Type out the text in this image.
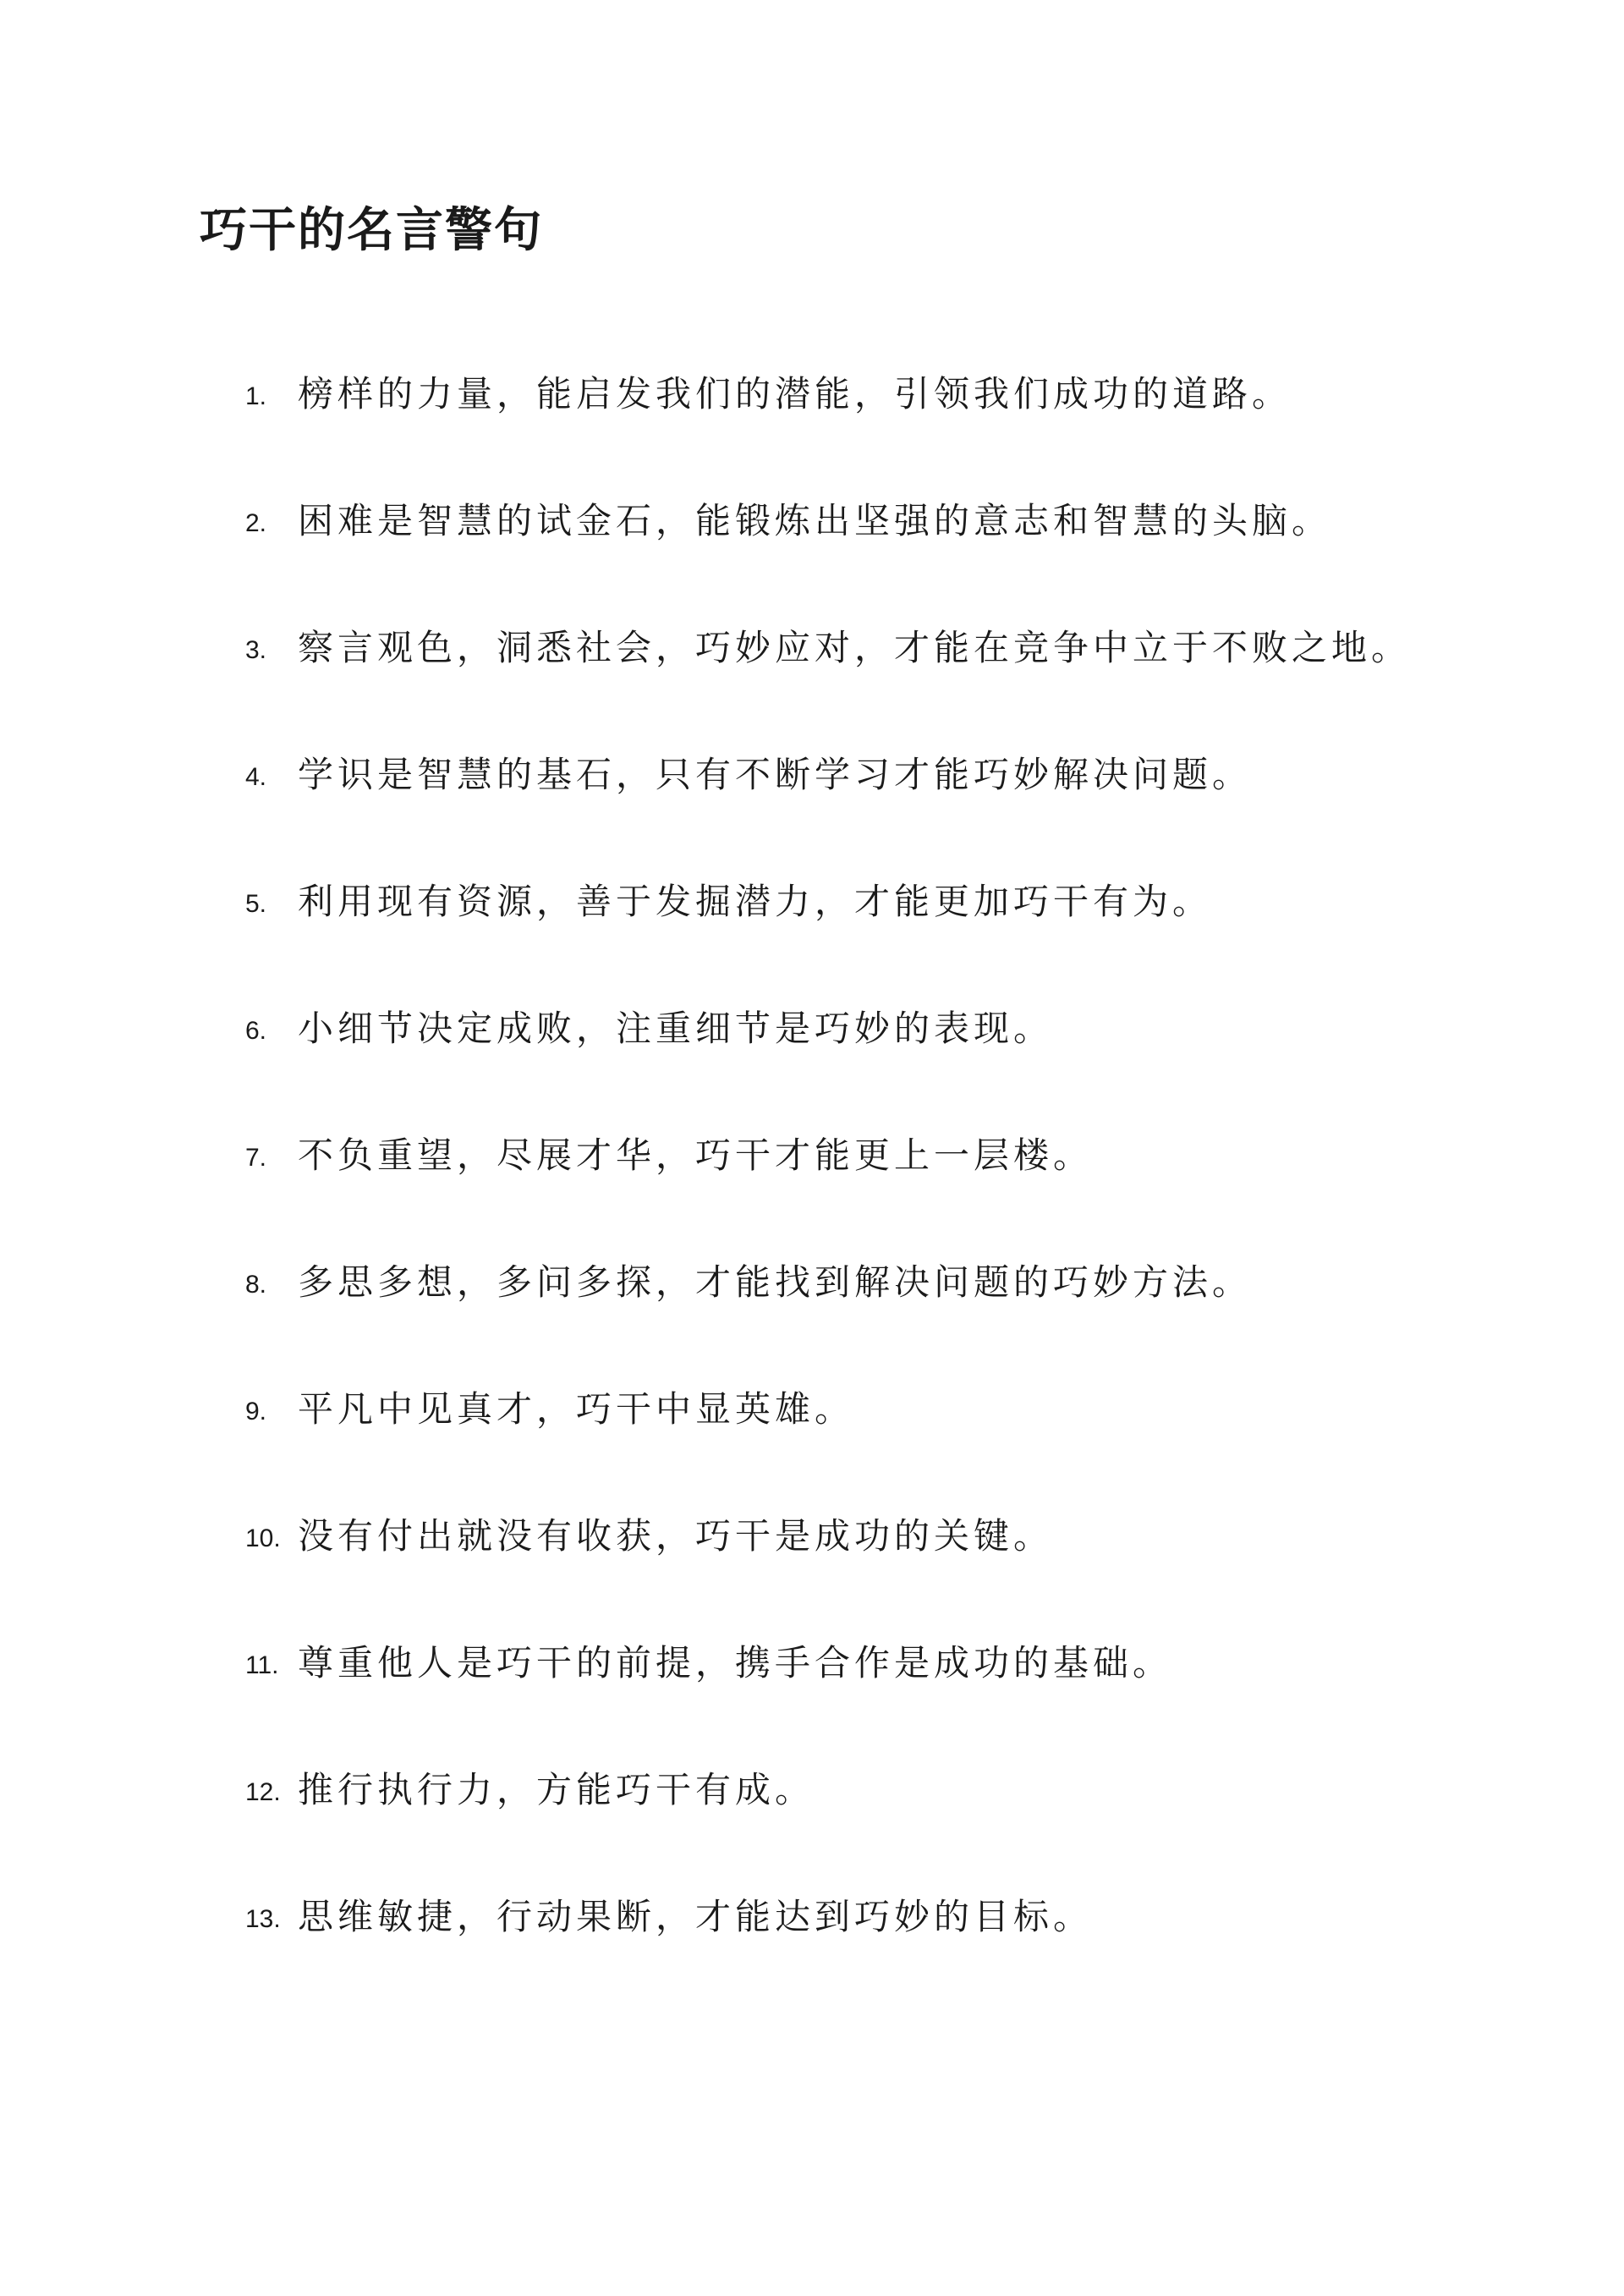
巧干的名言警句
1. 榜样的力量，能启发我们的潜能，引领我们成功的道路。
2. 困难是智慧的试金石，能锻炼出坚强的意志和智慧的头脑。
3. 察言观色，洞悉社会，巧妙应对，才能在竞争中立于不败之地。
4. 学识是智慧的基石，只有不断学习才能巧妙解决问题。
5. 利用现有资源，善于发掘潜力，才能更加巧干有为。
6. 小细节决定成败，注重细节是巧妙的表现。
7. 不负重望，尽展才华，巧干才能更上一层楼。
8. 多思多想，多问多探，才能找到解决问题的巧妙方法。
9. 平凡中见真才，巧干中显英雄。
10. 没有付出就没有收获，巧干是成功的关键。
11. 尊重他人是巧干的前提，携手合作是成功的基础。
12. 推行执行力，方能巧干有成。
13. 思维敏捷，行动果断，才能达到巧妙的目标。
